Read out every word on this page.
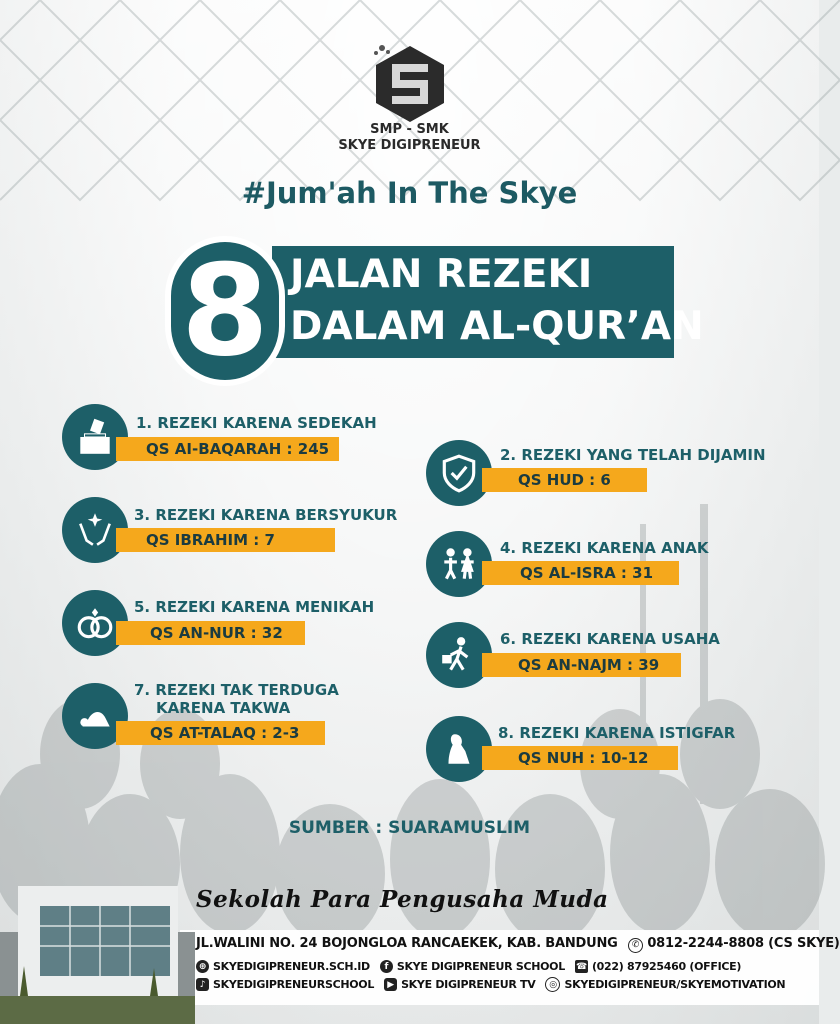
SMP - SMK
SKYE DIGIPRENEUR
#Jum'ah In The Skye
JALAN REZEKI
DALAM AL-QUR’AN
8
1. REZEKI KARENA SEDEKAH
QS AI-BAQARAH : 245	2. REZEKI YANG TELAH DIJAMIN
QS HUD : 6
3. REZEKI KARENA BERSYUKUR
QS IBRAHIM : 7	4. REZEKI KARENA ANAK
QS AL-ISRA : 31
5. REZEKI KARENA MENIKAH
QS AN-NUR : 32	6. REZEKI KARENA USAHA
QS AN-NAJM : 39
7. REZEKI TAK TERDUGA
KARENA TAKWA
QS AT-TALAQ : 2-3	8. REZEKI KARENA ISTIGFAR
QS NUH : 10-12
SUMBER : SUARAMUSLIM
Sekolah Para Pengusaha Muda
JL.WALINI NO. 24 BOJONGLOA RANCAEKEK, KAB. BANDUNG ✆ 0812-2244-8808 (CS SKYE)
⊕ SKYEDIGIPRENEUR.SCH.ID	f SKYE DIGIPRENEUR SCHOOL ☎ (022) 87925460 (OFFICE)
♪ SKYEDIGIPRENEURSCHOOL	▶ SKYE DIGIPRENEUR TV	◎ SKYEDIGIPRENEUR/SKYEMOTIVATION
